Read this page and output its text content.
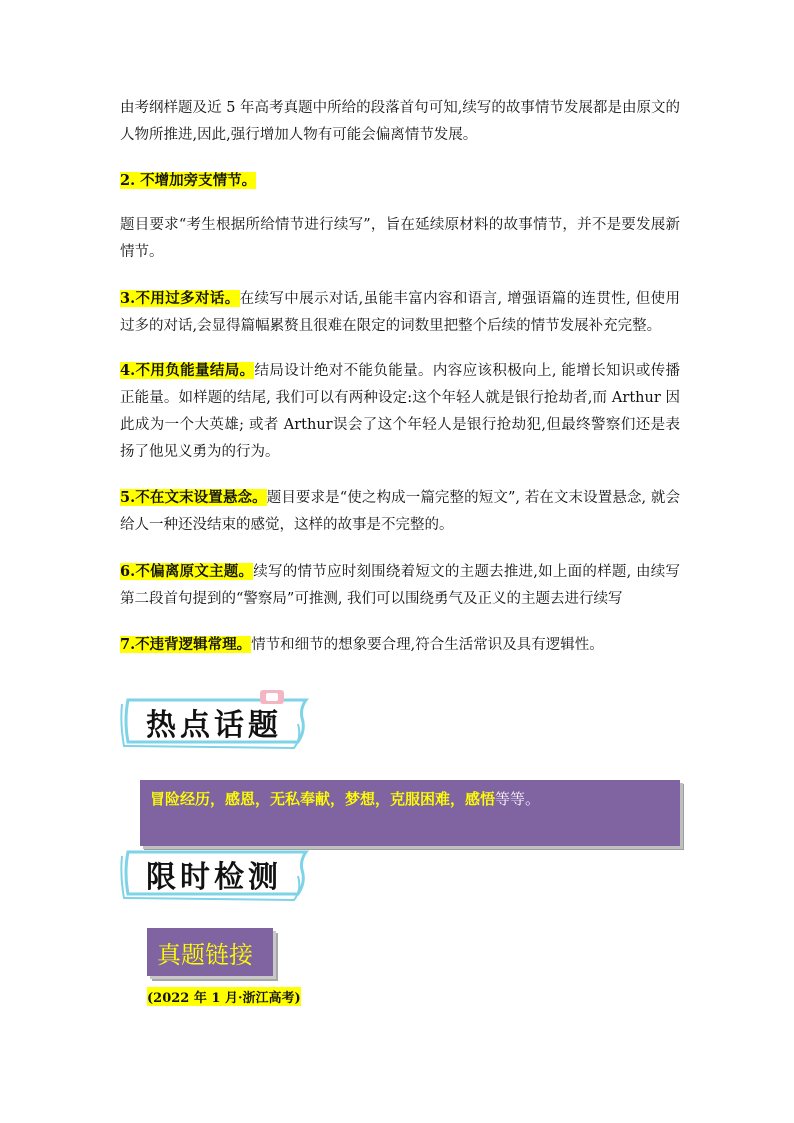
由考纲样题及近 5 年高考真题中所给的段落首句可知,续写的故事情节发展都是由原文的人物所推进,因此,强行增加人物有可能会偏离情节发展。

2. 不增加旁支情节。

题目要求“考生根据所给情节进行续写”，旨在延续原材料的故事情节，并不是要发展新情节。

3.不用过多对话。在续写中展示对话,虽能丰富内容和语言, 增强语篇的连贯性, 但使用过多的对话,会显得篇幅累赘且很难在限定的词数里把整个后续的情节发展补充完整。

4.不用负能量结局。结局设计绝对不能负能量。内容应该积极向上, 能增长知识或传播正能量。如样题的结尾, 我们可以有两种设定:这个年轻人就是银行抢劫者,而 Arthur 因此成为一个大英雄; 或者 Arthur误会了这个年轻人是银行抢劫犯,但最终警察们还是表扬了他见义勇为的行为。

5.不在文末设置悬念。题目要求是“使之构成一篇完整的短文”, 若在文末设置悬念, 就会给人一种还没结束的感觉，这样的故事是不完整的。

6.不偏离原文主题。续写的情节应时刻围绕着短文的主题去推进,如上面的样题, 由续写第二段首句提到的“警察局”可推测, 我们可以围绕勇气及正义的主题去进行续写

7.不违背逻辑常理。情节和细节的想象要合理,符合生活常识及具有逻辑性。

热点话题
冒险经历，感恩，无私奉献，梦想，克服困难，感悟等等。
限时检测
真题链接
(2022 年 1 月·浙江高考)
